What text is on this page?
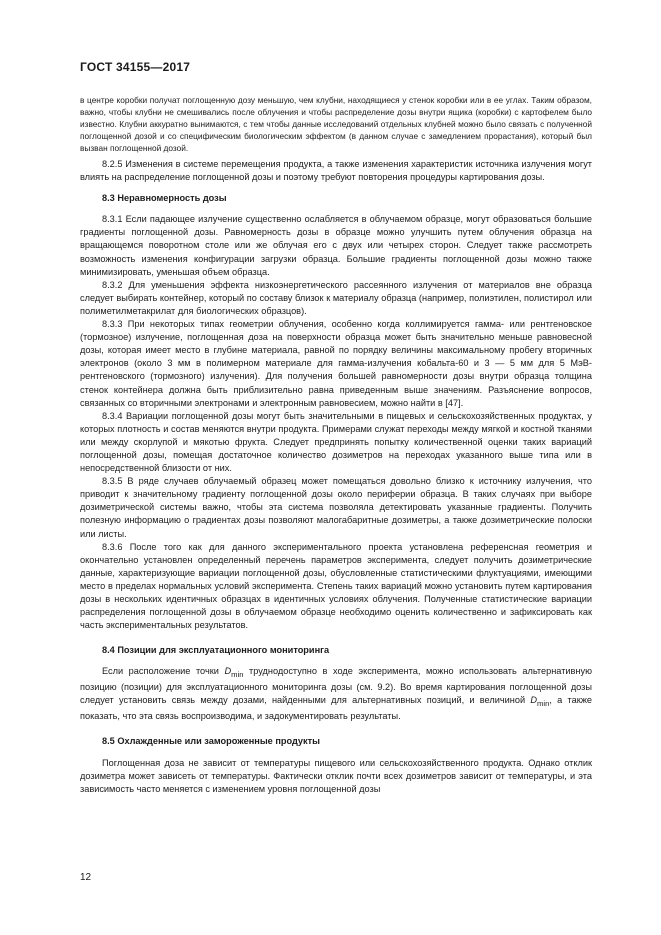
ГОСТ 34155—2017

в центре коробки получат поглощенную дозу меньшую, чем клубни, находящиеся у стенок коробки или в ее углах. Таким образом, важно, чтобы клубни не смешивались после облучения и чтобы распределение дозы внутри ящика (коробки) с картофелем было известно. Клубни аккуратно вынимаются, с тем чтобы данные исследований отдельных клубней можно было связать с полученной поглощенной дозой и со специфическим биологическим эффектом (в данном случае с замедлением прорастания), который был вызван поглощенной дозой.

8.2.5 Изменения в системе перемещения продукта, а также изменения характеристик источника излучения могут влиять на распределение поглощенной дозы и поэтому требуют повторения процедуры картирования дозы.

8.3 Неравномерность дозы

8.3.1 Если падающее излучение существенно ослабляется в облучаемом образце, могут образоваться большие градиенты поглощенной дозы. Равномерность дозы в образце можно улучшить путем облучения образца на вращающемся поворотном столе или же облучая его с двух или четырех сторон. Следует также рассмотреть возможность изменения конфигурации загрузки образца. Большие градиенты поглощенной дозы можно также минимизировать, уменьшая объем образца.

8.3.2 Для уменьшения эффекта низкоэнергетического рассеянного излучения от материалов вне образца следует выбирать контейнер, который по составу близок к материалу образца (например, полиэтилен, полистирол или полиметилметакрилат для биологических образцов).

8.3.3 При некоторых типах геометрии облучения, особенно когда коллимируется гамма- или рентгеновское (тормозное) излучение, поглощенная доза на поверхности образца может быть значительно меньше равновесной дозы, которая имеет место в глубине материала, равной по порядку величины максимальному пробегу вторичных электронов (около 3 мм в полимерном материале для гамма-излучения кобальта-60 и 3 — 5 мм для 5 МэВ-рентгеновского (тормозного) излучения). Для получения большей равномерности дозы внутри образца толщина стенок контейнера должна быть приблизительно равна приведенным выше значениям. Разъяснение вопросов, связанных со вторичными электронами и электронным равновесием, можно найти в [47].

8.3.4 Вариации поглощенной дозы могут быть значительными в пищевых и сельскохозяйственных продуктах, у которых плотность и состав меняются внутри продукта. Примерами служат переходы между мягкой и костной тканями или между скорлупой и мякотью фрукта. Следует предпринять попытку количественной оценки таких вариаций поглощенной дозы, помещая достаточное количество дозиметров на переходах указанного выше типа или в непосредственной близости от них.

8.3.5 В ряде случаев облучаемый образец может помещаться довольно близко к источнику излучения, что приводит к значительному градиенту поглощенной дозы около периферии образца. В таких случаях при выборе дозиметрической системы важно, чтобы эта система позволяла детектировать указанные градиенты. Получить полезную информацию о градиентах дозы позволяют малогабаритные дозиметры, а также дозиметрические полоски или листы.

8.3.6 После того как для данного экспериментального проекта установлена референсная геометрия и окончательно установлен определенный перечень параметров эксперимента, следует получить дозиметрические данные, характеризующие вариации поглощенной дозы, обусловленные статистическими флуктуациями, имеющими место в пределах нормальных условий эксперимента. Степень таких вариаций можно установить путем картирования дозы в нескольких идентичных образцах в идентичных условиях облучения. Полученные статистические вариации распределения поглощенной дозы в облучаемом образце необходимо оценить количественно и зафиксировать как часть экспериментальных результатов.

8.4 Позиции для эксплуатационного мониторинга

Если расположение точки $D_{min}$ труднодоступно в ходе эксперимента, можно использовать альтернативную позицию (позиции) для эксплуатационного мониторинга дозы (см. 9.2). Во время картирования поглощенной дозы следует установить связь между дозами, найденными для альтернативных позиций, и величиной $D_{min}$, а также показать, что эта связь воспроизводима, и задокументировать результаты.

8.5 Охлажденные или замороженные продукты

Поглощенная доза не зависит от температуры пищевого или сельскохозяйственного продукта. Однако отклик дозиметра может зависеть от температуры. Фактически отклик почти всех дозиметров зависит от температуры, и эта зависимость часто меняется с изменением уровня поглощенной дозы

12
